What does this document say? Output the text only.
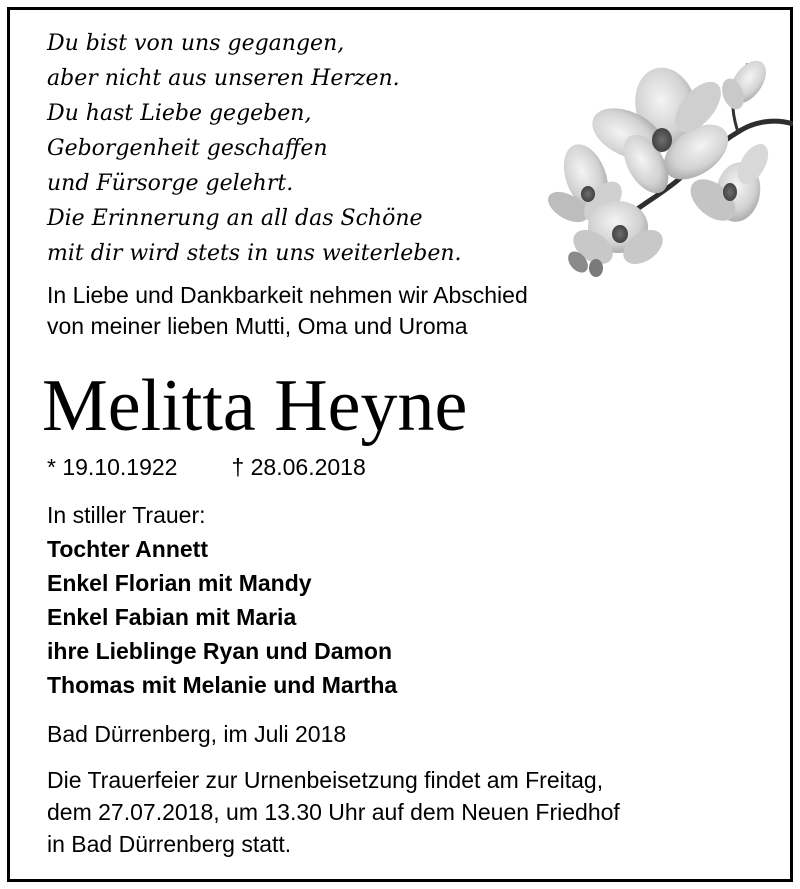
Du bist von uns gegangen,
aber nicht aus unseren Herzen.
Du hast Liebe gegeben,
Geborgenheit geschaffen
und Fürsorge gelehrt.
Die Erinnerung an all das Schöne
mit dir wird stets in uns weiterleben.
In Liebe und Dankbarkeit nehmen wir Abschied
von meiner lieben Mutti, Oma und Uroma
Melitta Heyne
* 19.10.1922 † 28.06.2018
In stiller Trauer:
Tochter Annett
Enkel Florian mit Mandy
Enkel Fabian mit Maria
ihre Lieblinge Ryan und Damon
Thomas mit Melanie und Martha
Bad Dürrenberg, im Juli 2018
Die Trauerfeier zur Urnenbeisetzung findet am Freitag,
dem 27.07.2018, um 13.30 Uhr auf dem Neuen Friedhof
in Bad Dürrenberg statt.
